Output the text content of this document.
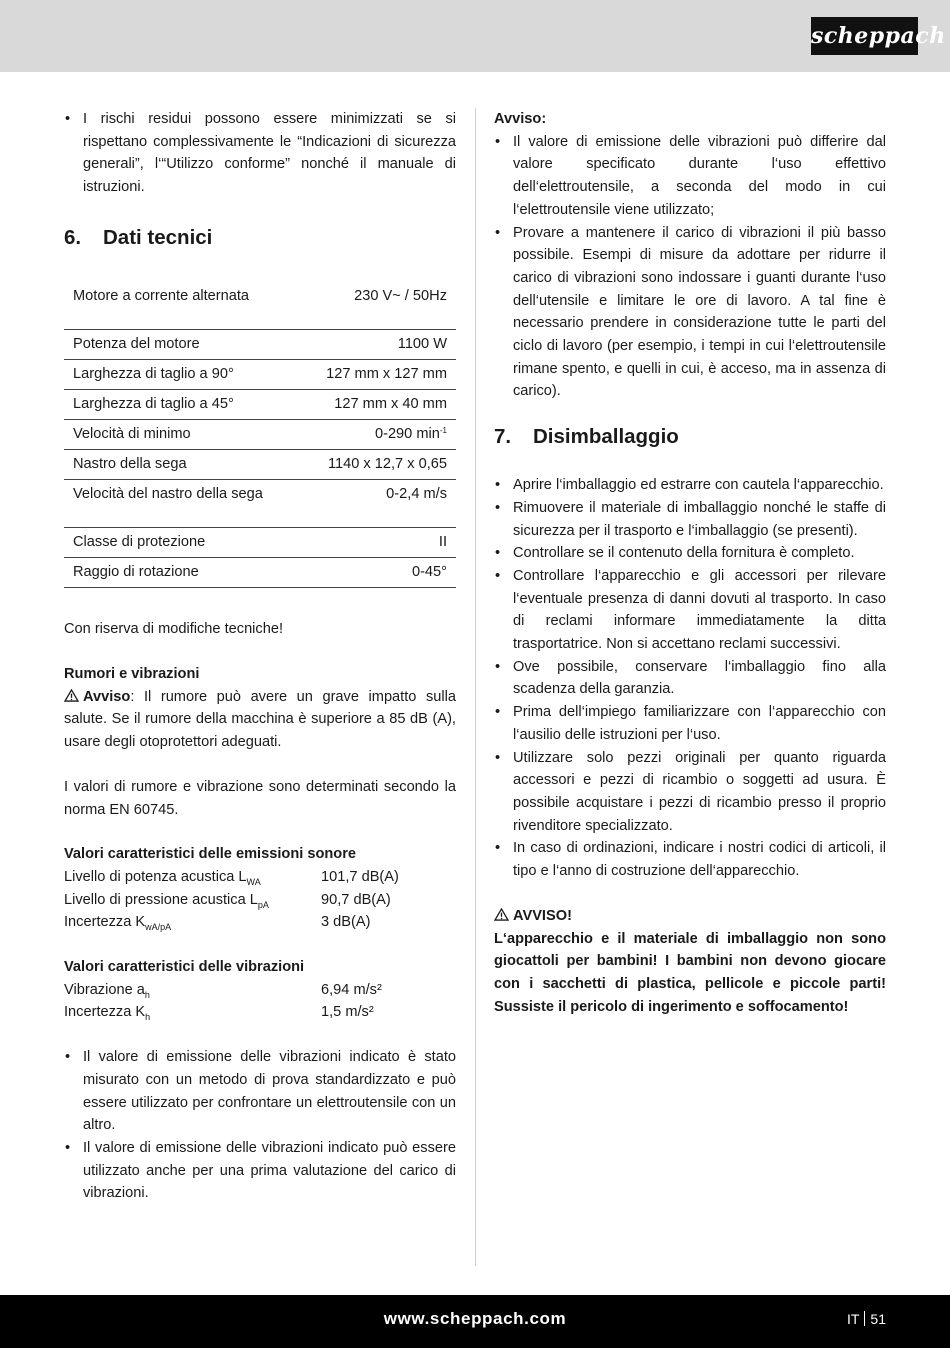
scheppach
• I rischi residui possono essere minimizzati se si rispettano complessivamente le “Indicazioni di sicurezza generali”, l‘“Utilizzo conforme” nonché il manuale di istruzioni.
6.	Dati tecnici
Motore a corrente alternata	230 V~ / 50Hz
Potenza del motore	1100 W
Larghezza di taglio a 90°	127 mm x 127 mm
Larghezza di taglio a 45°	127 mm x 40 mm
Velocità di minimo	0-290 $\min^{-1}$
Nastro della sega	1140 x 12,7 x 0,65
Velocità del nastro della sega	0-2,4 m/s
Classe di protezione	II
Raggio di rotazione	0-45°

Con riserva di modifiche tecniche!

Rumori e vibrazioni

Avviso: Il rumore può avere un grave impatto sulla salute. Se il rumore della macchina è superiore a 85 dB (A), usare degli otoprotettori adeguati.

I valori di rumore e vibrazione sono determinati secondo la norma EN 60745.

Valori caratteristici delle emissioni sonore

Livello di potenza acustica $L_{WA}$	101,7 dB(A)
Livello di pressione acustica $L_{pA}$	90,7 dB(A)
Incertezza $K_{wA/pA}$	3 dB(A)

Valori caratteristici delle vibrazioni

Vibrazione $a_h$	6,94 m/s²
Incertezza $K_h$	1,5 m/s²
• Il valore di emissione delle vibrazioni indicato è stato misurato con un metodo di prova standardizzato e può essere utilizzato per confrontare un elettroutensile con un altro.
• Il valore di emissione delle vibrazioni indicato può essere utilizzato anche per una prima valutazione del carico di vibrazioni.

Avviso:

• Il valore di emissione delle vibrazioni può differire dal valore specificato durante l‘uso effettivo dell‘elettroutensile, a seconda del modo in cui l‘elettroutensile viene utilizzato;
• Provare a mantenere il carico di vibrazioni il più basso possibile. Esempi di misure da adottare per ridurre il carico di vibrazioni sono indossare i guanti durante l‘uso dell‘utensile e limitare le ore di lavoro. A tal fine è necessario prendere in considerazione tutte le parti del ciclo di lavoro (per esempio, i tempi in cui l‘elettroutensile rimane spento, e quelli in cui, è acceso, ma in assenza di carico).
7.	Disimballaggio
• Aprire l‘imballaggio ed estrarre con cautela l‘apparecchio.
• Rimuovere il materiale di imballaggio nonché le staffe di sicurezza per il trasporto e l‘imballaggio (se presenti).
• Controllare se il contenuto della fornitura è completo.
• Controllare l‘apparecchio e gli accessori per rilevare l‘eventuale presenza di danni dovuti al trasporto. In caso di reclami informare immediatamente la ditta trasportatrice. Non si accettano reclami successivi.
• Ove possibile, conservare l‘imballaggio fino alla scadenza della garanzia.
• Prima dell‘impiego familiarizzare con l‘apparecchio con l‘ausilio delle istruzioni per l‘uso.
• Utilizzare solo pezzi originali per quanto riguarda accessori e pezzi di ricambio o soggetti ad usura. È possibile acquistare i pezzi di ricambio presso il proprio rivenditore specializzato.
• In caso di ordinazioni, indicare i nostri codici di articoli, il tipo e l‘anno di costruzione dell‘apparecchio.

AVVISO!

L‘apparecchio e il materiale di imballaggio non sono giocattoli per bambini! I bambini non devono giocare con i sacchetti di plastica, pellicole e piccole parti! Sussiste il pericolo di ingerimento e soffocamento!

www.scheppach.com	IT 51
